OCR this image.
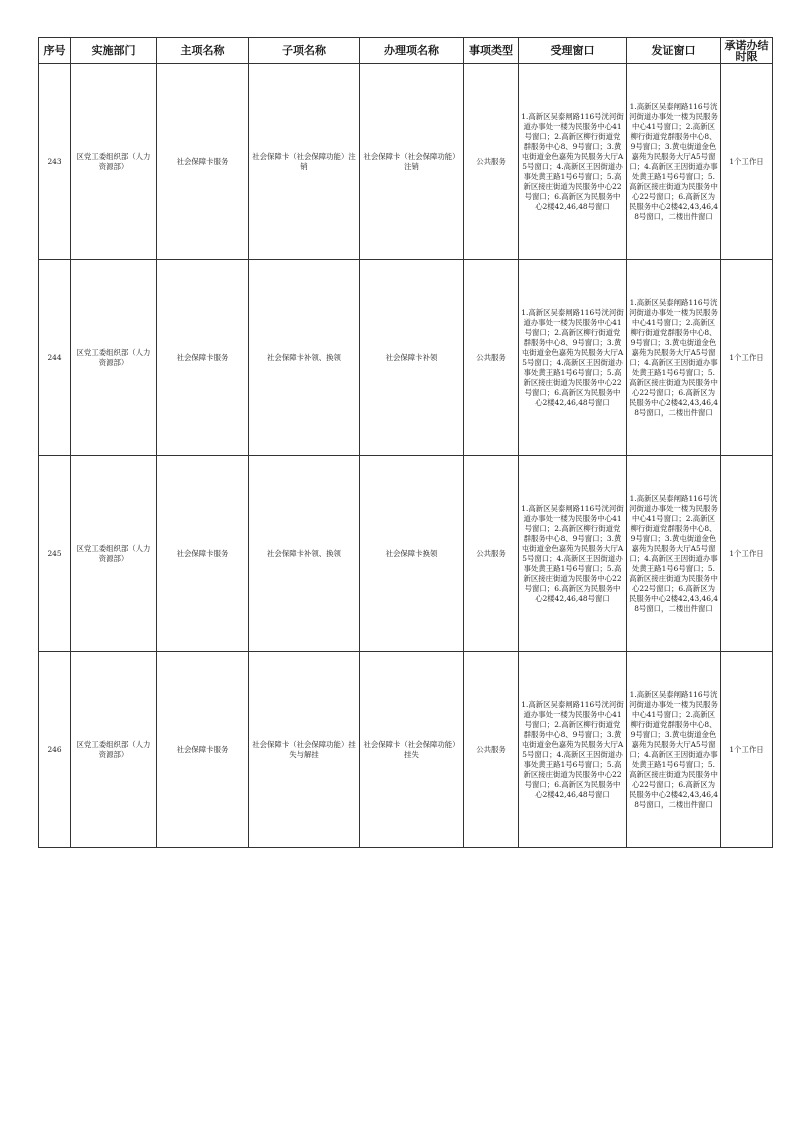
序号	实施部门	主项名称	子项名称	办理项名称	事项类型	受理窗口	发证窗口	承诺办结时限
243	区党工委组织部（人力资源部）	社会保障卡服务	社会保障卡（社会保障功能）注销	社会保障卡（社会保障功能）注销	公共服务	1.高新区吴泰闸路116号洸河街道办事处一楼为民服务中心41号窗口；2.高新区柳行街道党群服务中心8、9号窗口；3.黄屯街道金色嘉苑为民服务大厅A5号窗口；4.高新区王因街道办事处黄王路1号6号窗口；5.高新区接庄街道为民服务中心22号窗口；6.高新区为民服务中心2楼42,46,48号窗口	1.高新区吴泰闸路116号洸河街道办事处一楼为民服务中心41号窗口；2.高新区柳行街道党群服务中心8、9号窗口；3.黄屯街道金色嘉苑为民服务大厅A5号窗口；4.高新区王因街道办事处黄王路1号6号窗口；5.高新区接庄街道为民服务中心22号窗口；6.高新区为民服务中心2楼42,43,46,48号窗口，二楼出件窗口	1个工作日
244	区党工委组织部（人力资源部）	社会保障卡服务	社会保障卡补领、换领	社会保障卡补领	公共服务	1.高新区吴泰闸路116号洸河街道办事处一楼为民服务中心41号窗口；2.高新区柳行街道党群服务中心8、9号窗口；3.黄屯街道金色嘉苑为民服务大厅A5号窗口；4.高新区王因街道办事处黄王路1号6号窗口；5.高新区接庄街道为民服务中心22号窗口；6.高新区为民服务中心2楼42,46,48号窗口	1.高新区吴泰闸路116号洸河街道办事处一楼为民服务中心41号窗口；2.高新区柳行街道党群服务中心8、9号窗口；3.黄屯街道金色嘉苑为民服务大厅A5号窗口；4.高新区王因街道办事处黄王路1号6号窗口；5.高新区接庄街道为民服务中心22号窗口；6.高新区为民服务中心2楼42,43,46,48号窗口，二楼出件窗口	1个工作日
245	区党工委组织部（人力资源部）	社会保障卡服务	社会保障卡补领、换领	社会保障卡换领	公共服务	1.高新区吴泰闸路116号洸河街道办事处一楼为民服务中心41号窗口；2.高新区柳行街道党群服务中心8、9号窗口；3.黄屯街道金色嘉苑为民服务大厅A5号窗口；4.高新区王因街道办事处黄王路1号6号窗口；5.高新区接庄街道为民服务中心22号窗口；6.高新区为民服务中心2楼42,46,48号窗口	1.高新区吴泰闸路116号洸河街道办事处一楼为民服务中心41号窗口；2.高新区柳行街道党群服务中心8、9号窗口；3.黄屯街道金色嘉苑为民服务大厅A5号窗口；4.高新区王因街道办事处黄王路1号6号窗口；5.高新区接庄街道为民服务中心22号窗口；6.高新区为民服务中心2楼42,43,46,48号窗口，二楼出件窗口	1个工作日
246	区党工委组织部（人力资源部）	社会保障卡服务	社会保障卡（社会保障功能）挂失与解挂	社会保障卡（社会保障功能）挂失	公共服务	1.高新区吴泰闸路116号洸河街道办事处一楼为民服务中心41号窗口；2.高新区柳行街道党群服务中心8、9号窗口；3.黄屯街道金色嘉苑为民服务大厅A5号窗口；4.高新区王因街道办事处黄王路1号6号窗口；5.高新区接庄街道为民服务中心22号窗口；6.高新区为民服务中心2楼42,46,48号窗口	1.高新区吴泰闸路116号洸河街道办事处一楼为民服务中心41号窗口；2.高新区柳行街道党群服务中心8、9号窗口；3.黄屯街道金色嘉苑为民服务大厅A5号窗口；4.高新区王因街道办事处黄王路1号6号窗口；5.高新区接庄街道为民服务中心22号窗口；6.高新区为民服务中心2楼42,43,46,48号窗口，二楼出件窗口	1个工作日
